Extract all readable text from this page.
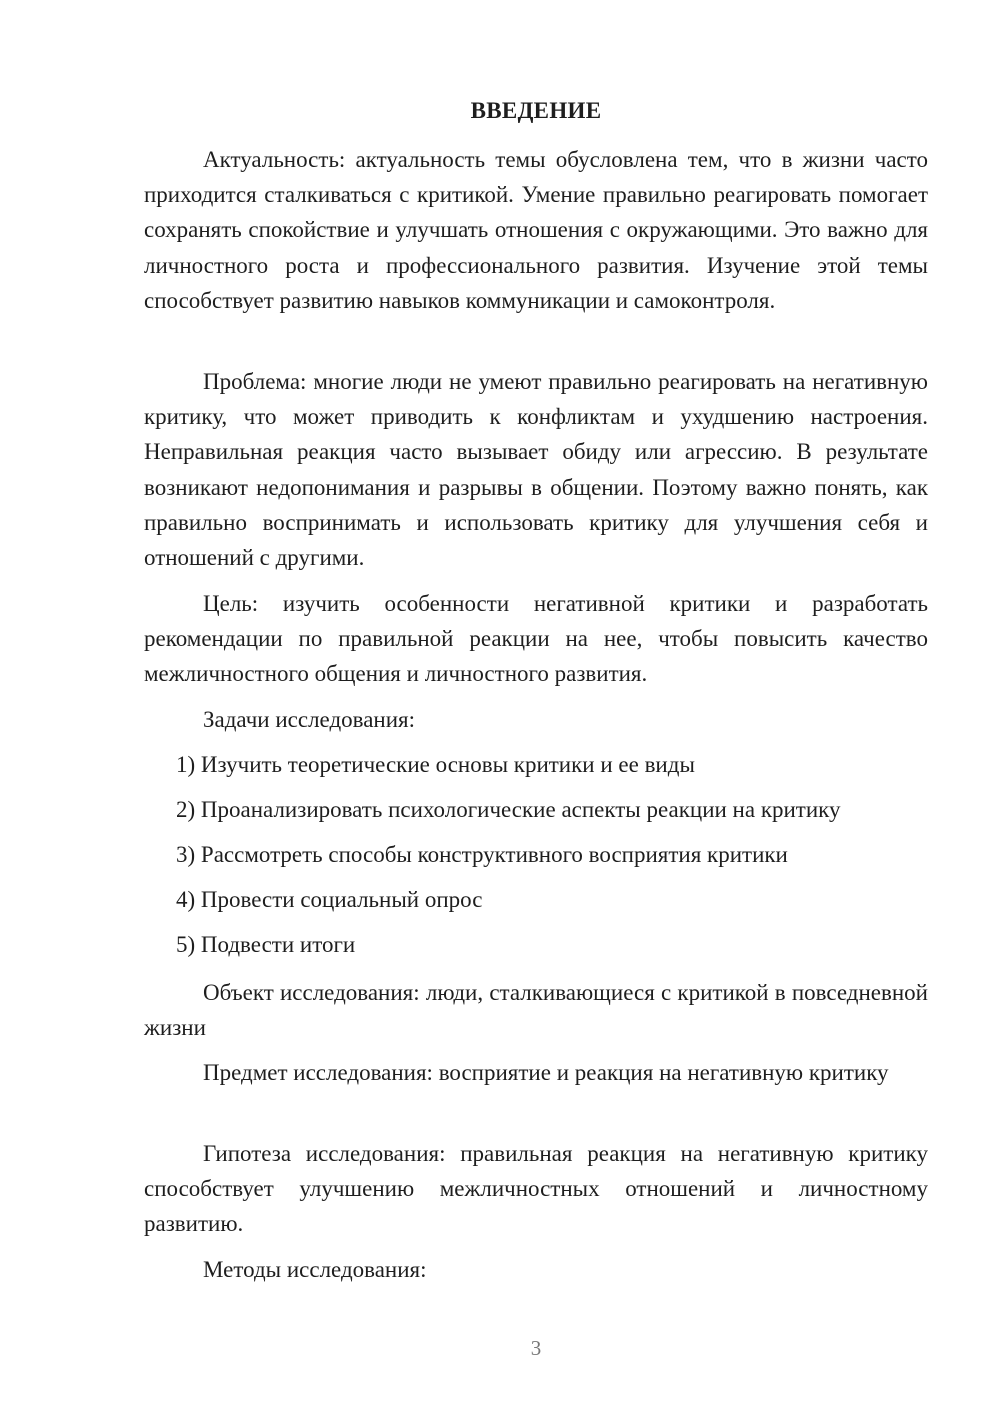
ВВЕДЕНИЕ

Актуальность: актуальность темы обусловлена тем, что в жизни часто приходится сталкиваться с критикой. Умение правильно реагировать помогает сохранять спокойствие и улучшать отношения с окружающими. Это важно для личностного роста и профессионального развития. Изучение этой темы способствует развитию навыков коммуникации и самоконтроля.

Проблема: многие люди не умеют правильно реагировать на негативную критику, что может приводить к конфликтам и ухудшению настроения. Неправильная реакция часто вызывает обиду или агрессию. В результате возникают недопонимания и разрывы в общении. Поэтому важно понять, как правильно воспринимать и использовать критику для улучшения себя и отношений с другими.

Цель: изучить особенности негативной критики и разработать рекомендации по правильной реакции на нее, чтобы повысить качество межличностного общения и личностного развития.

Задачи исследования:

1) Изучить теоретические основы критики и ее виды
2) Проанализировать психологические аспекты реакции на критику
3) Рассмотреть способы конструктивного восприятия критики
4) Провести социальный опрос
5) Подвести итоги

Объект исследования: люди, сталкивающиеся с критикой в повседневной жизни

Предмет исследования: восприятие и реакция на негативную критику

Гипотеза исследования: правильная реакция на негативную критику способствует улучшению межличностных отношений и личностному развитию.

Методы исследования:

3
